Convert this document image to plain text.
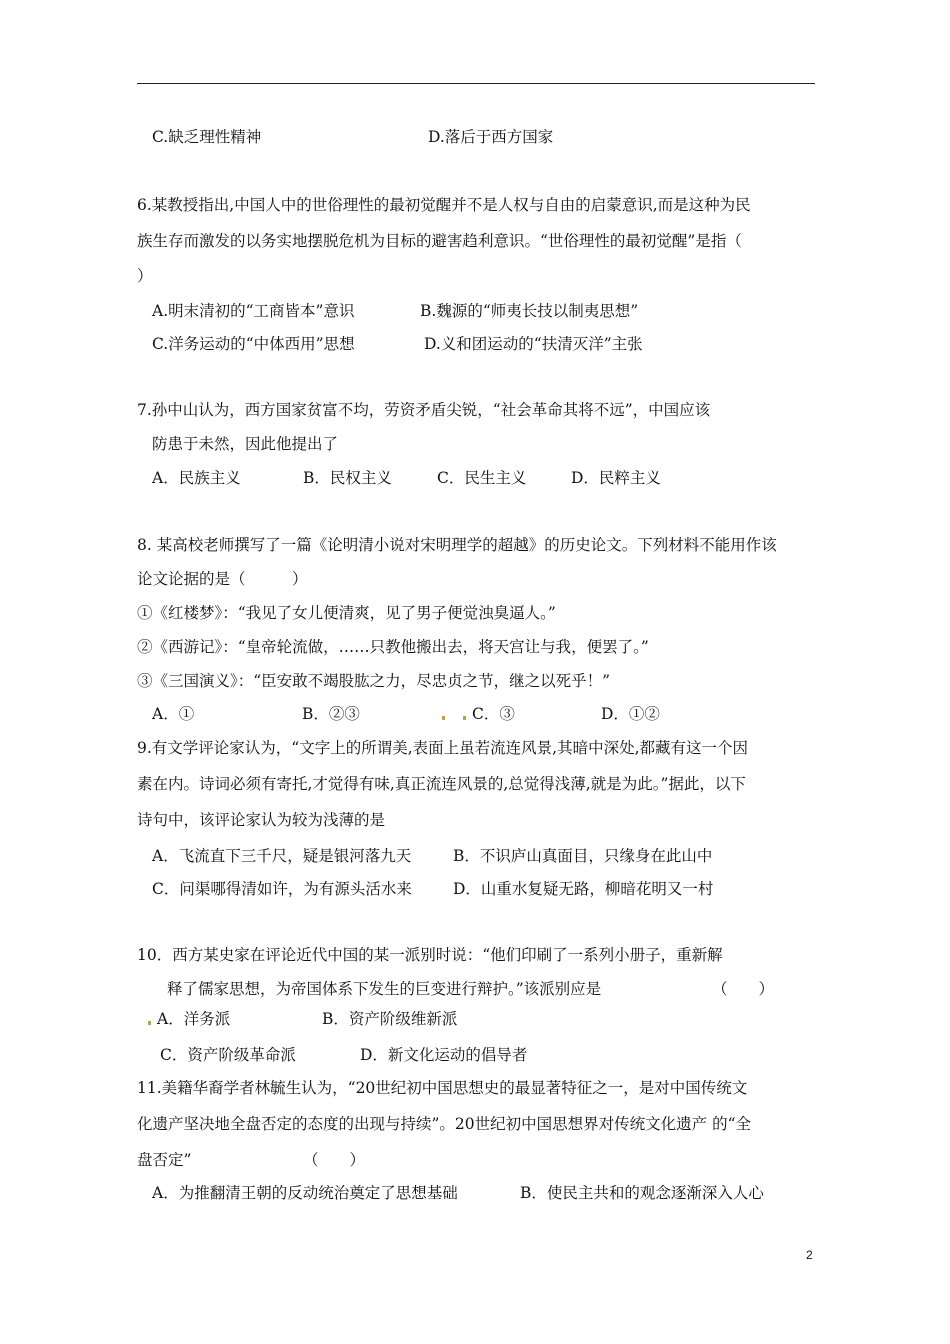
C.缺乏理性精神	D.落后于西方国家
6.某教授指出,中国人中的世俗理性的最初觉醒并不是人权与自由的启蒙意识,而是这种为民
族生存而激发的以务实地摆脱危机为目标的避害趋利意识。“世俗理性的最初觉醒”是指（
）
A.明末清初的“工商皆本”意识	B.魏源的“师夷长技以制夷思想”
C.洋务运动的“中体西用”思想	D.义和团运动的“扶清灭洋”主张
7.孙中山认为，西方国家贫富不均，劳资矛盾尖锐，“社会革命其将不远”，中国应该
防患于未然，因此他提出了
A．民族主义	B．民权主义	C．民生主义	D．民粹主义
8. 某高校老师撰写了一篇《论明清小说对宋明理学的超越》的历史论文。下列材料不能用作该
论文论据的是（　　　）
①《红楼梦》：“我见了女儿便清爽，见了男子便觉浊臭逼人。”
②《西游记》：“皇帝轮流做，……只教他搬出去，将天宫让与我，便罢了。”
③《三国演义》：“臣安敢不竭股肱之力，尽忠贞之节，继之以死乎！”
A．①	B．②③	C．③	D．①②
9.有文学评论家认为，“文字上的所谓美,表面上虽若流连风景,其暗中深处,都藏有这一个因
素在内。诗词必须有寄托,才觉得有味,真正流连风景的,总觉得浅薄,就是为此。”据此，以下
诗句中，该评论家认为较为浅薄的是
A．飞流直下三千尺，疑是银河落九天	B．不识庐山真面目，只缘身在此山中
C．问渠哪得清如许，为有源头活水来	D．山重水复疑无路，柳暗花明又一村
10．西方某史家在评论近代中国的某一派别时说：“他们印刷了一系列小册子，重新解
释了儒家思想，为帝国体系下发生的巨变进行辩护。”该派别应是	（　　）
A．洋务派	B．资产阶级维新派
C．资产阶级革命派	D．新文化运动的倡导者
11.美籍华裔学者林毓生认为，“20世纪初中国思想史的最显著特征之一，是对中国传统文
化遗产坚决地全盘否定的态度的出现与持续”。20世纪初中国思想界对传统文化遗产 的“全
盘否定”	（　　）
A．为推翻清王朝的反动统治奠定了思想基础	B．使民主共和的观念逐渐深入人心
2
